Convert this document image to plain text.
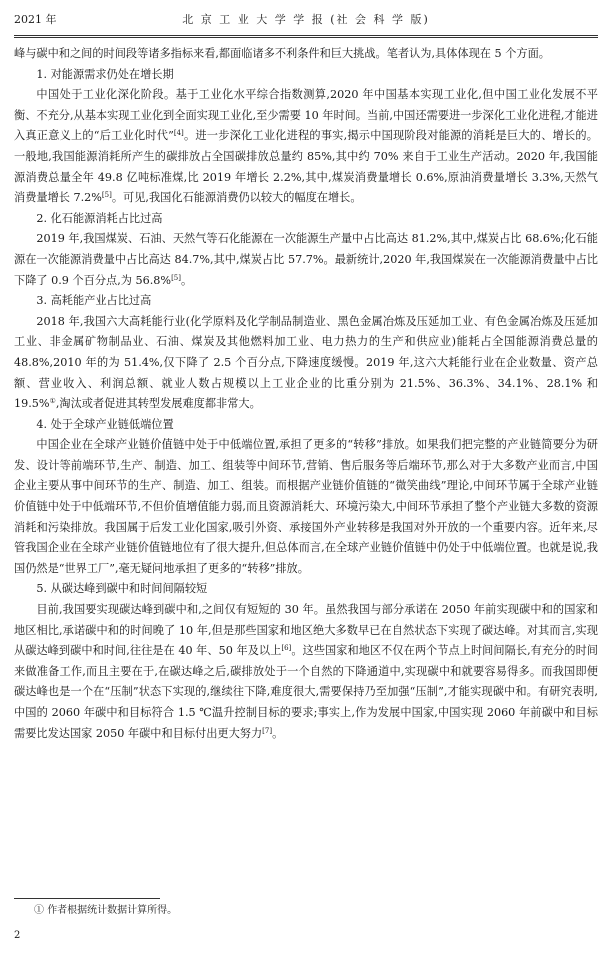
2021 年	北 京 工 业 大 学 学 报 (社 会 科 学 版)

峰与碳中和之间的时间段等诸多指标来看,都面临诸多不利条件和巨大挑战。笔者认为,具体体现在 5 个方面。

1. 对能源需求仍处在增长期

中国处于工业化深化阶段。基于工业化水平综合指数测算,2020 年中国基本实现工业化,但中国工业化发展不平衡、不充分,从基本实现工业化到全面实现工业化,至少需要 10 年时间。当前,中国还需要进一步深化工业化进程,才能进入真正意义上的“后工业化时代”[4]。进一步深化工业化进程的事实,揭示中国现阶段对能源的消耗是巨大的、增长的。一般地,我国能源消耗所产生的碳排放占全国碳排放总量约 85%,其中约 70% 来自于工业生产活动。2020 年,我国能源消费总量全年 49.8 亿吨标准煤,比 2019 年增长 2.2%,其中,煤炭消费量增长 0.6%,原油消费量增长 3.3%,天然气消费量增长 7.2%[5]。可见,我国化石能源消费仍以较大的幅度在增长。

2. 化石能源消耗占比过高

2019 年,我国煤炭、石油、天然气等石化能源在一次能源生产量中占比高达 81.2%,其中,煤炭占比 68.6%;化石能源在一次能源消费量中占比高达 84.7%,其中,煤炭占比 57.7%。最新统计,2020 年,我国煤炭在一次能源消费量中占比下降了 0.9 个百分点,为 56.8%[5]。

3. 高耗能产业占比过高

2018 年,我国六大高耗能行业(化学原料及化学制品制造业、黑色金属冶炼及压延加工业、有色金属冶炼及压延加工业、非金属矿物制品业、石油、煤炭及其他燃料加工业、电力热力的生产和供应业)能耗占全国能源消费总量的 48.8%,2010 年的为 51.4%,仅下降了 2.5 个百分点,下降速度缓慢。2019 年,这六大耗能行业在企业数量、资产总额、营业收入、利润总额、就业人数占规模以上工业企业的比重分别为 21.5%、36.3%、34.1%、28.1% 和 19.5%①,淘汰或者促进其转型发展难度都非常大。

4. 处于全球产业链低端位置

中国企业在全球产业链价值链中处于中低端位置,承担了更多的“转移”排放。如果我们把完整的产业链简要分为研发、设计等前端环节,生产、制造、加工、组装等中间环节,营销、售后服务等后端环节,那么对于大多数产业而言,中国企业主要从事中间环节的生产、制造、加工、组装。而根据产业链价值链的“微笑曲线”理论,中间环节属于全球产业链价值链中处于中低端环节,不但价值增值能力弱,而且资源消耗大、环境污染大,中间环节承担了整个产业链大多数的资源消耗和污染排放。我国属于后发工业化国家,吸引外资、承接国外产业转移是我国对外开放的一个重要内容。近年来,尽管我国企业在全球产业链价值链地位有了很大提升,但总体而言,在全球产业链价值链中仍处于中低端位置。也就是说,我国仍然是“世界工厂”,毫无疑问地承担了更多的“转移”排放。

5. 从碳达峰到碳中和时间间隔较短

目前,我国要实现碳达峰到碳中和,之间仅有短短的 30 年。虽然我国与部分承诺在 2050 年前实现碳中和的国家和地区相比,承诺碳中和的时间晚了 10 年,但是那些国家和地区绝大多数早已在自然状态下实现了碳达峰。对其而言,实现从碳达峰到碳中和时间,往往是在 40 年、50 年及以上[6]。这些国家和地区不仅在两个节点上时间间隔长,有充分的时间来做准备工作,而且主要在于,在碳达峰之后,碳排放处于一个自然的下降通道中,实现碳中和就要容易得多。而我国即便碳达峰也是一个在“压制”状态下实现的,继续往下降,难度很大,需要保持乃至加强“压制”,才能实现碳中和。有研究表明,中国的 2060 年碳中和目标符合 1.5 ℃温升控制目标的要求;事实上,作为发展中国家,中国实现 2060 年前碳中和目标需要比发达国家 2050 年碳中和目标付出更大努力[7]。

① 作者根据统计数据计算所得。
2
